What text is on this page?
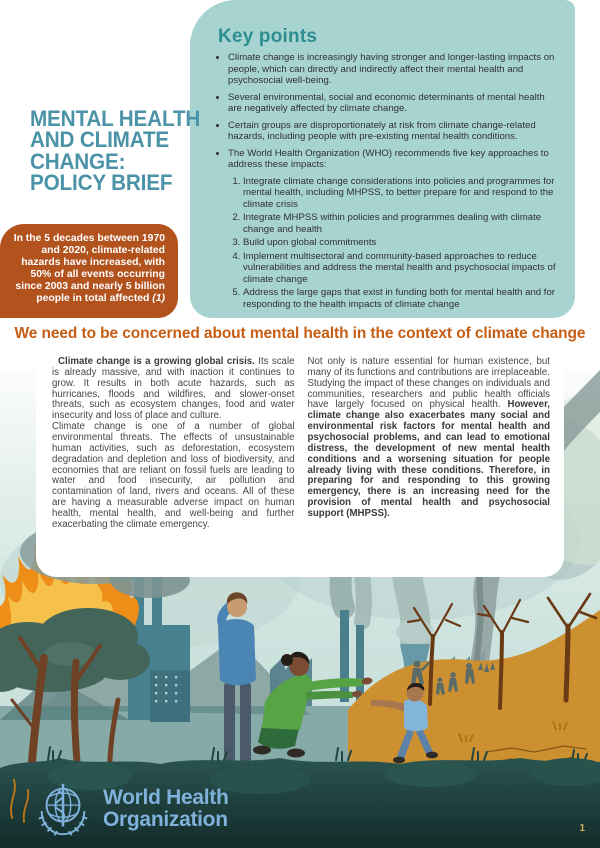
Key points
• Climate change is increasingly having stronger and longer-lasting impacts on people, which can directly and indirectly affect their mental health and psychosocial well-being.
• Several environmental, social and economic determinants of mental health are negatively affected by climate change.
• Certain groups are disproportionately at risk from climate change-related hazards, including people with pre-existing mental health conditions.
• The World Health Organization (WHO) recommends five key approaches to address these impacts:
1. Integrate climate change considerations into policies and programmes for mental health, including MHPSS, to better prepare for and respond to the climate crisis
2. Integrate MHPSS within policies and programmes dealing with climate change and health
3. Build upon global commitments
4. Implement multisectoral and community-based approaches to reduce vulnerabilities and address the mental health and psychosocial impacts of climate change
5. Address the large gaps that exist in funding both for mental health and for responding to the health impacts of climate change
MENTAL HEALTH
AND CLIMATE
CHANGE:
POLICY BRIEF
In the 5 decades between 1970 and 2020, climate-related hazards have increased, with 50% of all events occurring since 2003 and nearly 5 billion people in total affected (1)
We need to be concerned about mental health in the context of climate change

Climate change is a growing global crisis. Its scale is already massive, and with inaction it continues to grow. It results in both acute hazards, such as hurricanes, floods and wildfires, and slower-onset threats, such as ecosystem changes, food and water insecurity and loss of place and culture.

Climate change is one of a number of global environmental threats. The effects of unsustainable human activities, such as deforestation, ecosystem degradation and depletion and loss of biodiversity, and economies that are reliant on fossil fuels are leading to water and food insecurity, air pollution and contamination of land, rivers and oceans. All of these are having a measurable adverse impact on human health, mental health, and well-being and further exacerbating the climate emergency.

Not only is nature essential for human existence, but many of its functions and contributions are irreplaceable.

Studying the impact of these changes on individuals and communities, researchers and public health officials have largely focused on physical health. However, climate change also exacerbates many social and environmental risk factors for mental health and psychosocial problems, and can lead to emotional distress, the development of new mental health conditions and a worsening situation for people already living with these conditions. Therefore, in preparing for and responding to this growing emergency, there is an increasing need for the provision of mental health and psychosocial support (MHPSS).

World Health
Organization	1
